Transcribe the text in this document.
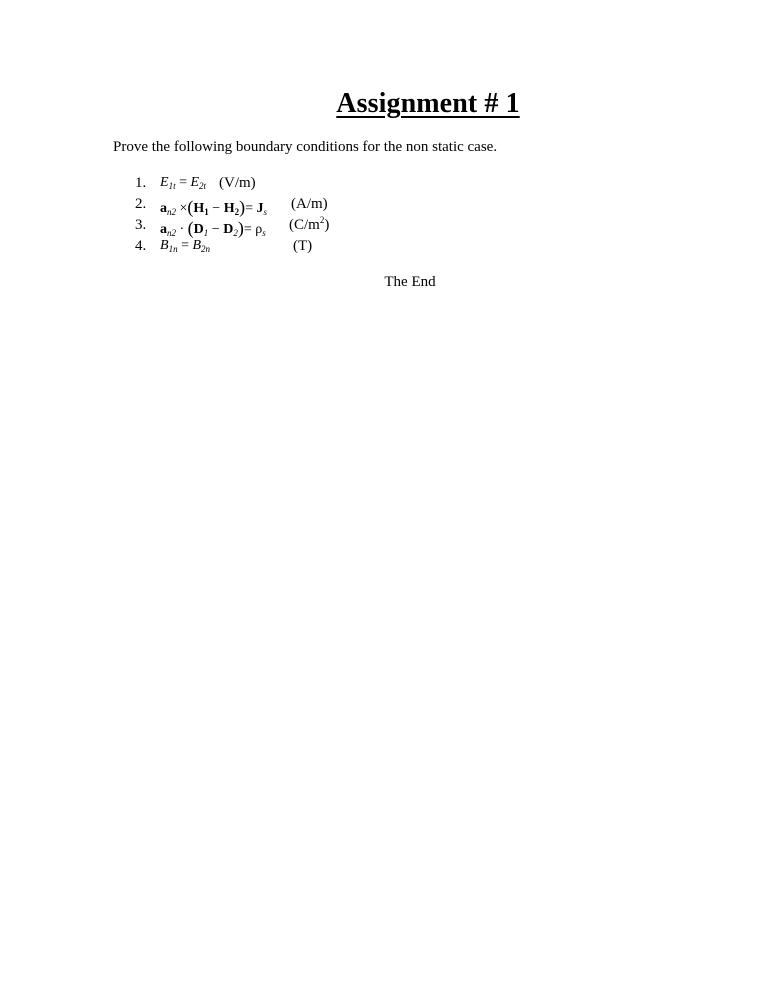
Assignment # 1
Prove the following boundary conditions for the non static case.
1. $E_{1t} = E_{2t}$ (V/m)
2. $a_{n2} \times(H_1 - H_2)= J_s$ (A/m)
3. $a_{n2} \cdot (D_1 - D_2)= \rho_s$ $(C/m^2)$
4. $B_{1n} = B_{2n}$	(T)
The End
